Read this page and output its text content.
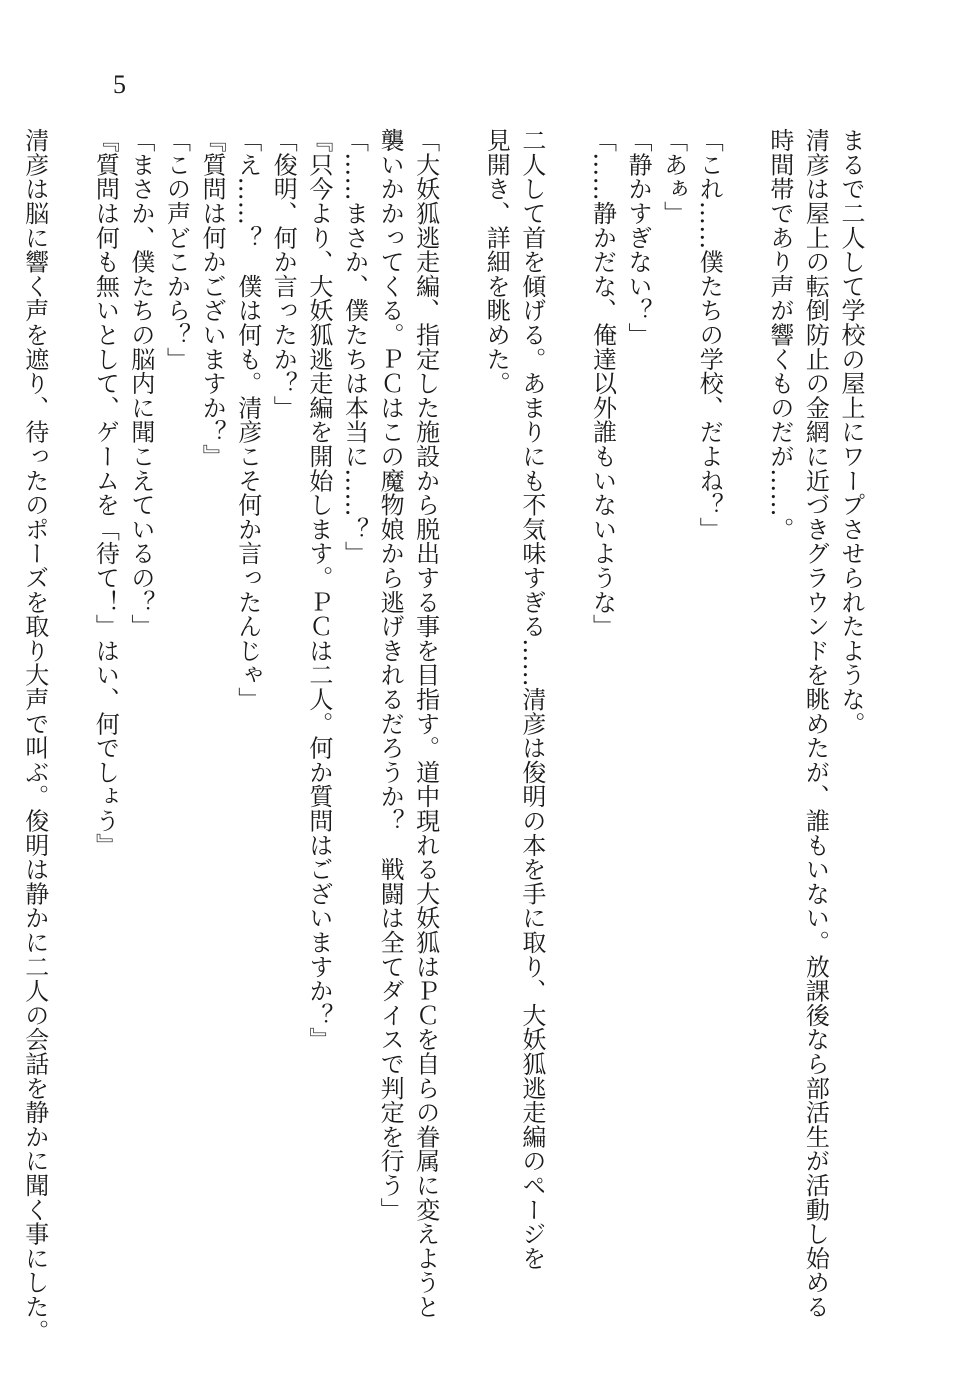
5
まるで二人して学校の屋上にワープさせられたような。
清彦は屋上の転倒防止の金網に近づきグラウンドを眺めたが、誰もいない。放課後なら部活生が活動し始める
時間帯であり声が響くものだが……。
「これ……僕たちの学校、だよね？」
「あぁ」
「静かすぎない？」
「……静かだな、俺達以外誰もいないような」
二人して首を傾げる。あまりにも不気味すぎる……清彦は俊明の本を手に取り、大妖狐逃走編のページを
見開き、詳細を眺めた。
「大妖狐逃走編、指定した施設から脱出する事を目指す。道中現れる大妖狐はＰＣを自らの眷属に変えようと
襲いかかってくる。ＰＣはこの魔物娘から逃げきれるだろうか？　戦闘は全てダイスで判定を行う」
「……まさか、僕たちは本当に……？」
『只今より、大妖狐逃走編を開始します。ＰＣは二人。何か質問はございますか？』
「俊明、何か言ったか？」
「え……？　僕は何も。清彦こそ何か言ったんじゃ」
『質問は何かございますか？』
「この声どこから？」
「まさか、僕たちの脳内に聞こえているの？」
『質問は何も無いとして、ゲームを「待て！」はい、何でしょう』
清彦は脳に響く声を遮り、待ったのポーズを取り大声で叫ぶ。俊明は静かに二人の会話を静かに聞く事にした。
